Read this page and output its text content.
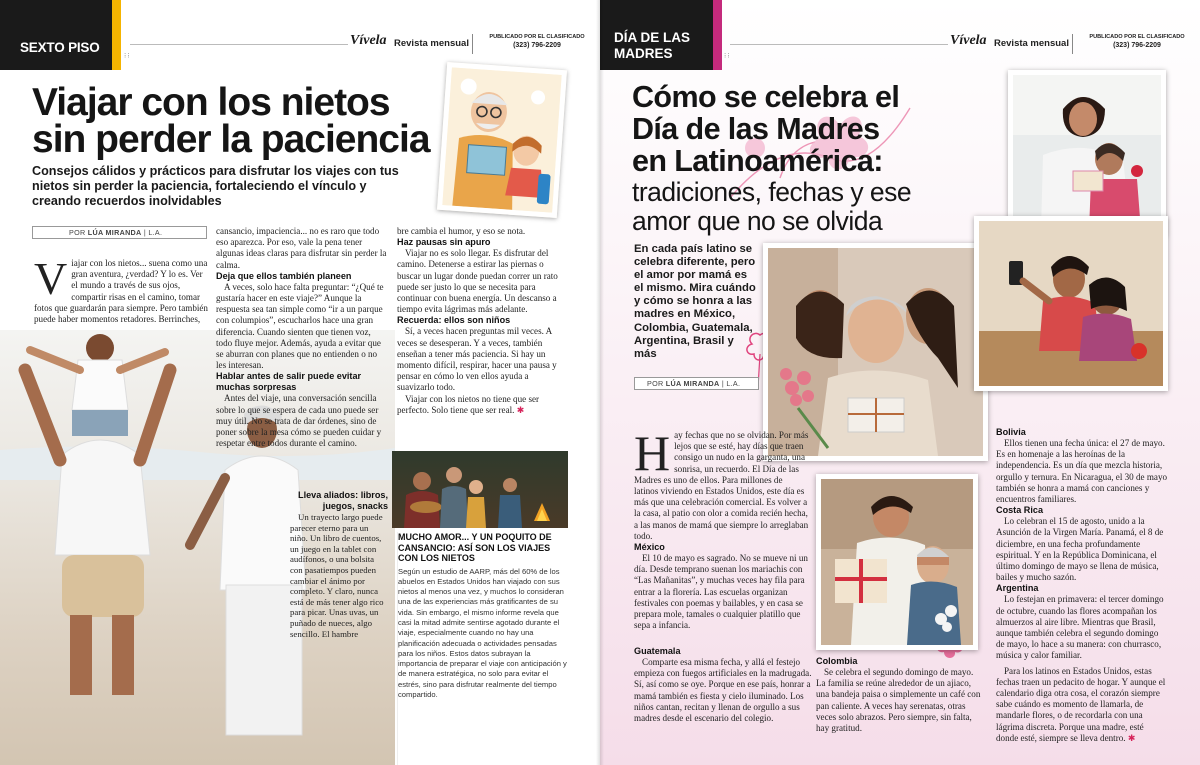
SEXTO PISO	Vívela Revista mensual
PUBLICADO POR EL CLASIFICADO
(323) 796-2209
⁝⁝
Viajar con los nietos
sin perder la paciencia
Consejos cálidos y prácticos para disfrutar los viajes con tus nietos sin perder la paciencia, fortaleciendo el vínculo y creando recuerdos inolvidables
POR LÚA MIRANDA | L.A.
V iajar con los nietos... suena como una gran aventura, ¿verdad? Y lo es. Ver el mundo a través de sus ojos, compartir risas en el camino, tomar fotos que guardarán para siempre. Pero también puede haber momentos retadores. Berrinches,

cansancio, impaciencia... no es raro que todo eso aparezca. Por eso, vale la pena tener algunas ideas claras para disfrutar sin perder la calma.

Deja que ellos también planeen

A veces, solo hace falta preguntar: “¿Qué te gustaría hacer en este viaje?” Aunque la respuesta sea tan simple como “ir a un parque con columpios”, escucharlos hace una gran diferencia. Cuando sienten que tienen voz, todo fluye mejor. Además, ayuda a evitar que se aburran con planes que no entienden o no les interesan.

Hablar antes de salir puede evitar muchas sorpresas

Antes del viaje, una conversación sencilla sobre lo que se espera de cada uno puede ser muy útil. No se trata de dar órdenes, sino de poner sobre la mesa cómo se pueden cuidar y respetar entre todos durante el camino.

Lleva aliados: libros, juegos, snacks

Un trayecto largo puede parecer eterno para un niño. Un libro de cuentos, un juego en la tablet con audífonos, o una bolsita con pasatiempos pueden cambiar el ánimo por completo. Y claro, nunca está de más tener algo rico para picar. Unas uvas, un puñado de nueces, algo sencillo. El hambre

bre cambia el humor, y eso se nota.

Haz pausas sin apuro

Viajar no es solo llegar. Es disfrutar del camino. Detenerse a estirar las piernas o buscar un lugar donde puedan correr un rato puede ser justo lo que se necesita para continuar con buena energía. Un descanso a tiempo evita lágrimas más adelante.

Recuerda: ellos son niños

Sí, a veces hacen preguntas mil veces. A veces se desesperan. Y a veces, también enseñan a tener más paciencia. Si hay un momento difícil, respirar, hacer una pausa y pensar en cómo lo ven ellos ayuda a suavizarlo todo.

Viajar con los nietos no tiene que ser perfecto. Solo tiene que ser real. ✱

MUCHO AMOR... Y UN POQUITO DE CANSANCIO: ASÍ SON LOS VIAJES CON LOS NIETOS
Según un estudio de AARP, más del 60% de los abuelos en Estados Unidos han viajado con sus nietos al menos una vez, y muchos lo consideran una de las experiencias más gratificantes de su vida. Sin embargo, el mismo informe revela que casi la mitad admite sentirse agotado durante el viaje, especialmente cuando no hay una planificación adecuada o actividades pensadas para los niños. Estos datos subrayan la importancia de preparar el viaje con anticipación y de manera estratégica, no solo para evitar el estrés, sino para disfrutar realmente del tiempo compartido.
DÍA DE LAS
MADRES
Vívela Revista mensual
PUBLICADO POR EL CLASIFICADO
(323) 796-2209
⁝⁝
Cómo se celebra el
Día de las Madres
en Latinoamérica:
tradiciones, fechas y ese
amor que no se olvida
En cada país latino se celebra diferente, pero el amor por mamá es el mismo. Mira cuándo y cómo se honra a las madres en México, Colombia, Guatemala, Argentina, Brasil y más
POR LÚA MIRANDA | L.A.
H ay fechas que no se olvidan. Por más lejos que se esté, hay días que traen consigo un nudo en la garganta, una sonrisa, un recuerdo. El Día de las Madres es uno de ellos. Para millones de latinos viviendo en Estados Unidos, este día es más que una celebración comercial. Es volver a la casa, al patio con olor a comida recién hecha, a las manos de mamá que siempre lo arreglaban todo.
México

El 10 de mayo es sagrado. No se mueve ni un día. Desde temprano suenan los mariachis con “Las Mañanitas”, y muchas veces hay fila para entrar a la florería. Las escuelas organizan festivales con poemas y bailables, y en casa se prepara mole, tamales o cualquier platillo que sepa a infancia.

Guatemala

Comparte esa misma fecha, y allá el festejo empieza con fuegos artificiales en la madrugada. Sí, así como se oye. Porque en ese país, honrar a mamá también es fiesta y cielo iluminado. Los niños cantan, recitan y llenan de orgullo a sus madres desde el escenario del colegio.

Colombia

Se celebra el segundo domingo de mayo. La familia se reúne alrededor de un ajiaco, una bandeja paisa o simplemente un café con pan caliente. A veces hay serenatas, otras veces solo abrazos. Pero siempre, sin falta, hay gratitud.

Bolivia

Ellos tienen una fecha única: el 27 de mayo. Es en homenaje a las heroínas de la independencia. Es un día que mezcla historia, orgullo y ternura. En Nicaragua, el 30 de mayo también se honra a mamá con canciones y encuentros familiares.

Costa Rica

Lo celebran el 15 de agosto, unido a la Asunción de la Virgen María. Panamá, el 8 de diciembre, en una fecha profundamente espiritual. Y en la República Dominicana, el último domingo de mayo se llena de música, bailes y mucho sazón.

Argentina

Lo festejan en primavera: el tercer domingo de octubre, cuando las flores acompañan los almuerzos al aire libre. Mientras que Brasil, aunque también celebra el segundo domingo de mayo, lo hace a su manera: con churrasco, música y calor familiar.

Para los latinos en Estados Unidos, estas fechas traen un pedacito de hogar. Y aunque el calendario diga otra cosa, el corazón siempre sabe cuándo es momento de llamarla, de mandarle flores, o de recordarla con una lágrima discreta. Porque una madre, esté donde esté, siempre se lleva dentro. ✱
